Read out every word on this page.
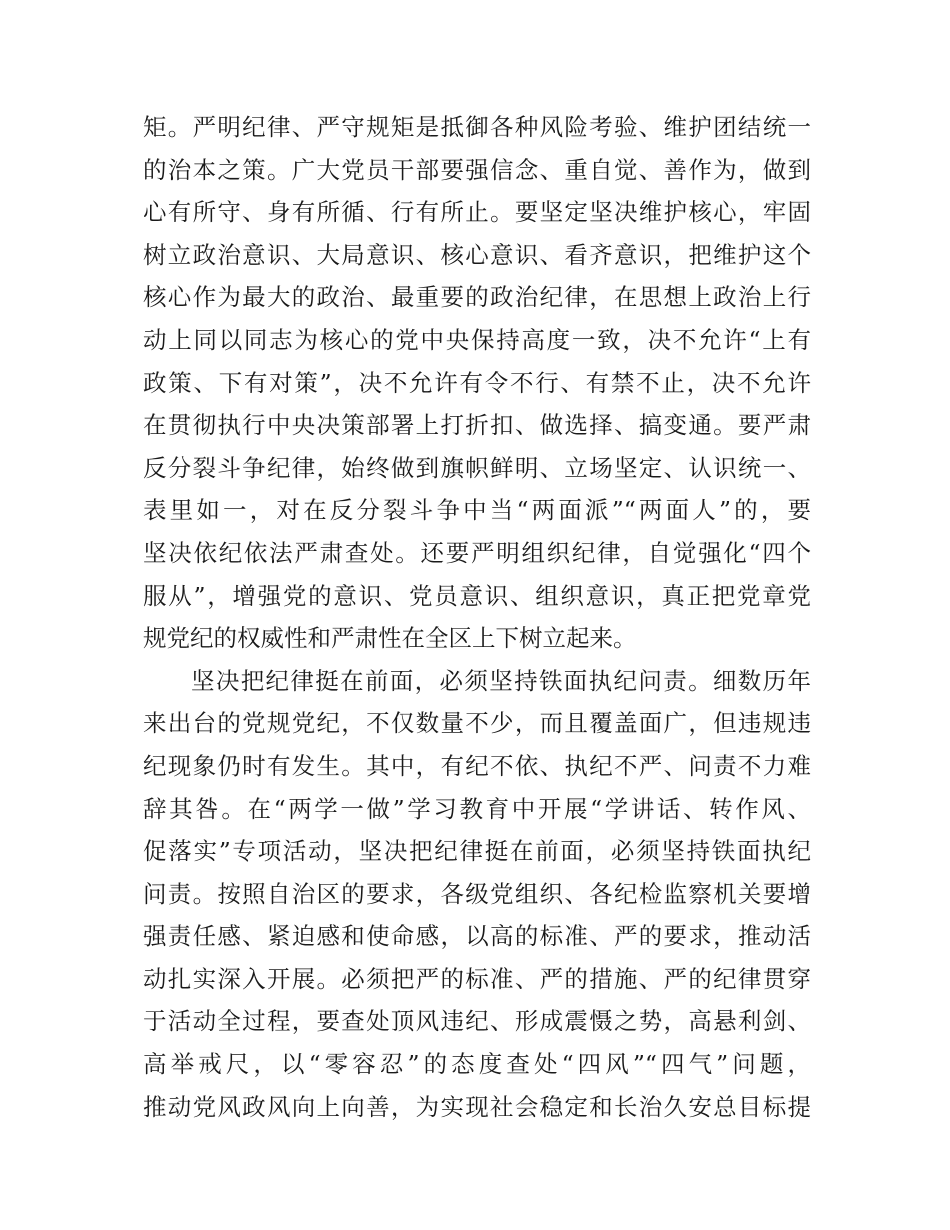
矩。严明纪律、严守规矩是抵御各种风险考验、维护团结统一
的治本之策。广大党员干部要强信念、重自觉、善作为，做到
心有所守、身有所循、行有所止。要坚定坚决维护核心，牢固
树立政治意识、大局意识、核心意识、看齐意识，把维护这个
核心作为最大的政治、最重要的政治纪律，在思想上政治上行
动上同以同志为核心的党中央保持高度一致，决不允许“上有
政策、下有对策”，决不允许有令不行、有禁不止，决不允许
在贯彻执行中央决策部署上打折扣、做选择、搞变通。要严肃
反分裂斗争纪律，始终做到旗帜鲜明、立场坚定、认识统一、
表里如一，对在反分裂斗争中当“两面派”“两面人”的，要
坚决依纪依法严肃查处。还要严明组织纪律，自觉强化“四个
服从”，增强党的意识、党员意识、组织意识，真正把党章党
规党纪的权威性和严肃性在全区上下树立起来。
坚决把纪律挺在前面，必须坚持铁面执纪问责。细数历年
来出台的党规党纪，不仅数量不少，而且覆盖面广，但违规违
纪现象仍时有发生。其中，有纪不依、执纪不严、问责不力难
辞其咎。在“两学一做”学习教育中开展“学讲话、转作风、
促落实”专项活动，坚决把纪律挺在前面，必须坚持铁面执纪
问责。按照自治区的要求，各级党组织、各纪检监察机关要增
强责任感、紧迫感和使命感，以高的标准、严的要求，推动活
动扎实深入开展。必须把严的标准、严的措施、严的纪律贯穿
于活动全过程，要查处顶风违纪、形成震慑之势，高悬利剑、
高举戒尺，以“零容忍”的态度查处“四风”“四气”问题，
推动党风政风向上向善，为实现社会稳定和长治久安总目标提
